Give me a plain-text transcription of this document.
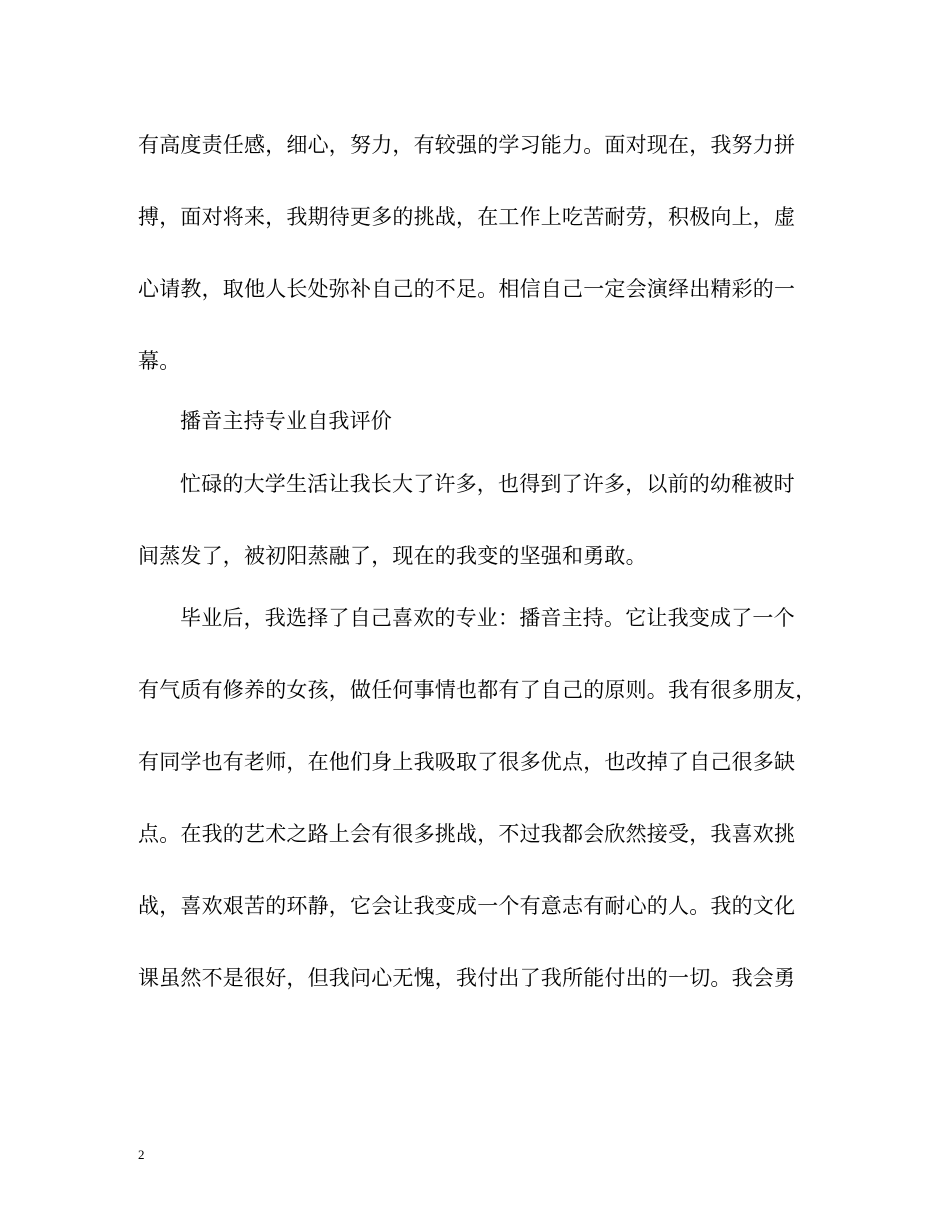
有高度责任感，细心，努力，有较强的学习能力。面对现在，我努力拼
搏，面对将来，我期待更多的挑战，在工作上吃苦耐劳，积极向上，虚
心请教，取他人长处弥补自己的不足。相信自己一定会演绎出精彩的一
幕。
播音主持专业自我评价
忙碌的大学生活让我长大了许多，也得到了许多，以前的幼稚被时
间蒸发了，被初阳蒸融了，现在的我变的坚强和勇敢。
毕业后，我选择了自己喜欢的专业：播音主持。它让我变成了一个
有气质有修养的女孩，做任何事情也都有了自己的原则。我有很多朋友，
有同学也有老师，在他们身上我吸取了很多优点，也改掉了自己很多缺
点。在我的艺术之路上会有很多挑战，不过我都会欣然接受，我喜欢挑
战，喜欢艰苦的环静，它会让我变成一个有意志有耐心的人。我的文化
课虽然不是很好，但我问心无愧，我付出了我所能付出的一切。我会勇
2
